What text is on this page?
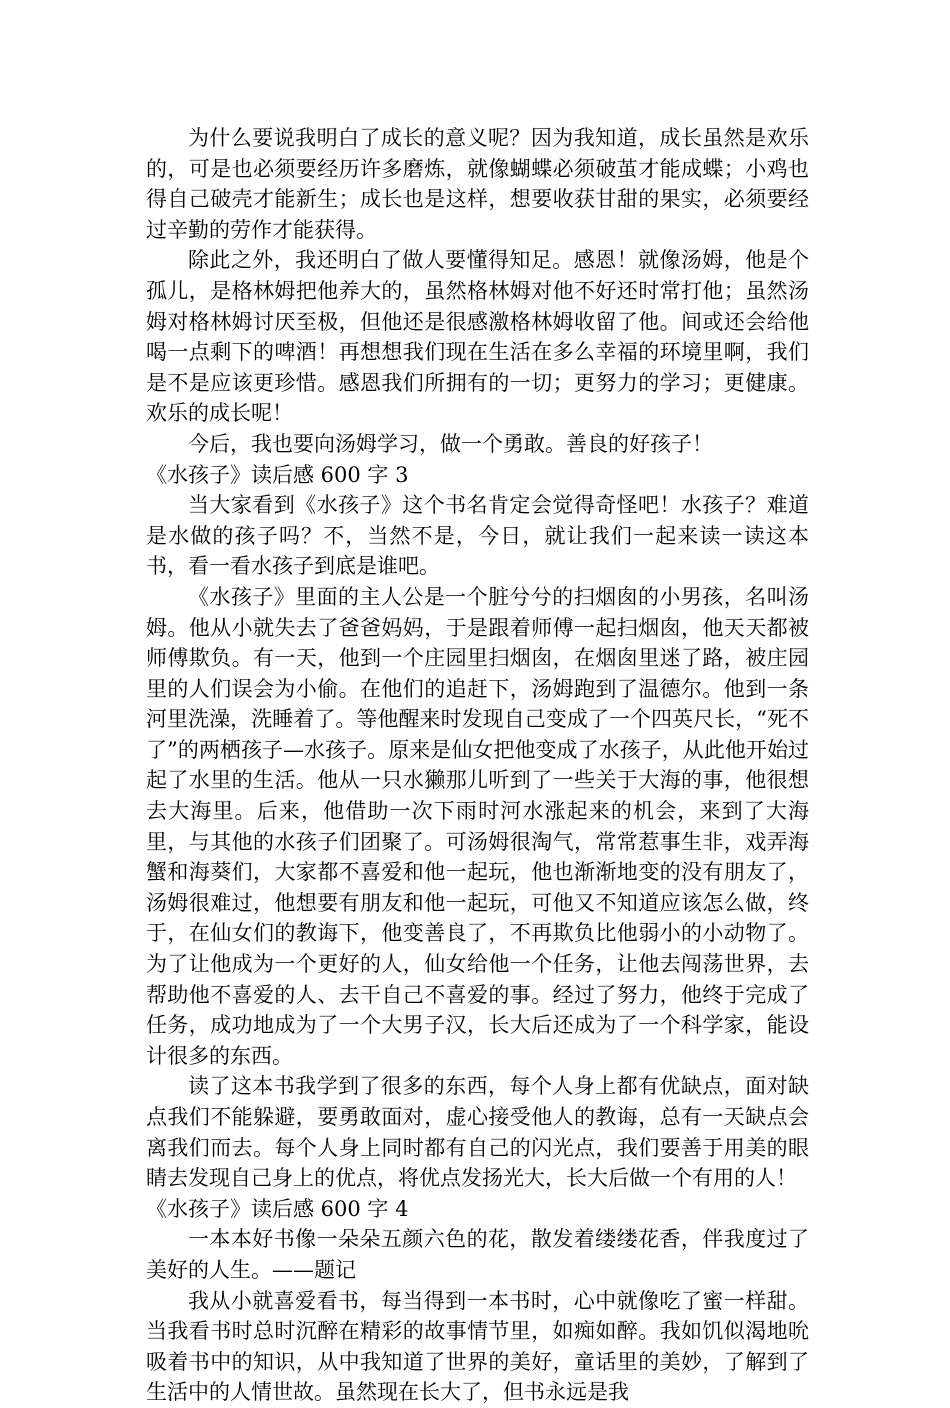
为什么要说我明白了成长的意义呢？因为我知道，成长虽然是欢乐的，可是也必须要经历许多磨炼，就像蝴蝶必须破茧才能成蝶；小鸡也得自己破壳才能新生；成长也是这样，想要收获甘甜的果实，必须要经过辛勤的劳作才能获得。

除此之外，我还明白了做人要懂得知足。感恩！就像汤姆，他是个孤儿，是格林姆把他养大的，虽然格林姆对他不好还时常打他；虽然汤姆对格林姆讨厌至极，但他还是很感激格林姆收留了他。间或还会给他喝一点剩下的啤酒！再想想我们现在生活在多么幸福的环境里啊，我们是不是应该更珍惜。感恩我们所拥有的一切；更努力的学习；更健康。欢乐的成长呢！

今后，我也要向汤姆学习，做一个勇敢。善良的好孩子！

《水孩子》读后感 600 字 3

当大家看到《水孩子》这个书名肯定会觉得奇怪吧！水孩子？难道是水做的孩子吗？不，当然不是，今日，就让我们一起来读一读这本书，看一看水孩子到底是谁吧。

《水孩子》里面的主人公是一个脏兮兮的扫烟囱的小男孩，名叫汤姆。他从小就失去了爸爸妈妈，于是跟着师傅一起扫烟囱，他天天都被师傅欺负。有一天，他到一个庄园里扫烟囱，在烟囱里迷了路，被庄园里的人们误会为小偷。在他们的追赶下，汤姆跑到了温德尔。他到一条河里洗澡，洗睡着了。等他醒来时发现自己变成了一个四英尺长，“死不了”的两栖孩子—水孩子。原来是仙女把他变成了水孩子，从此他开始过起了水里的生活。他从一只水獭那儿听到了一些关于大海的事，他很想去大海里。后来，他借助一次下雨时河水涨起来的机会，来到了大海里，与其他的水孩子们团聚了。可汤姆很淘气，常常惹事生非，戏弄海蟹和海葵们，大家都不喜爱和他一起玩，他也渐渐地变的没有朋友了，汤姆很难过，他想要有朋友和他一起玩，可他又不知道应该怎么做，终于，在仙女们的教诲下，他变善良了，不再欺负比他弱小的小动物了。为了让他成为一个更好的人，仙女给他一个任务，让他去闯荡世界，去帮助他不喜爱的人、去干自己不喜爱的事。经过了努力，他终于完成了任务，成功地成为了一个大男子汉，长大后还成为了一个科学家，能设计很多的东西。

读了这本书我学到了很多的东西，每个人身上都有优缺点，面对缺点我们不能躲避，要勇敢面对，虚心接受他人的教诲，总有一天缺点会离我们而去。每个人身上同时都有自己的闪光点，我们要善于用美的眼睛去发现自己身上的优点，将优点发扬光大，长大后做一个有用的人！

《水孩子》读后感 600 字 4

一本本好书像一朵朵五颜六色的花，散发着缕缕花香，伴我度过了美好的人生。——题记

我从小就喜爱看书，每当得到一本书时，心中就像吃了蜜一样甜。当我看书时总时沉醉在精彩的故事情节里，如痴如醉。我如饥似渴地吮吸着书中的知识，从中我知道了世界的美好，童话里的美妙，了解到了生活中的人情世故。虽然现在长大了，但书永远是我
